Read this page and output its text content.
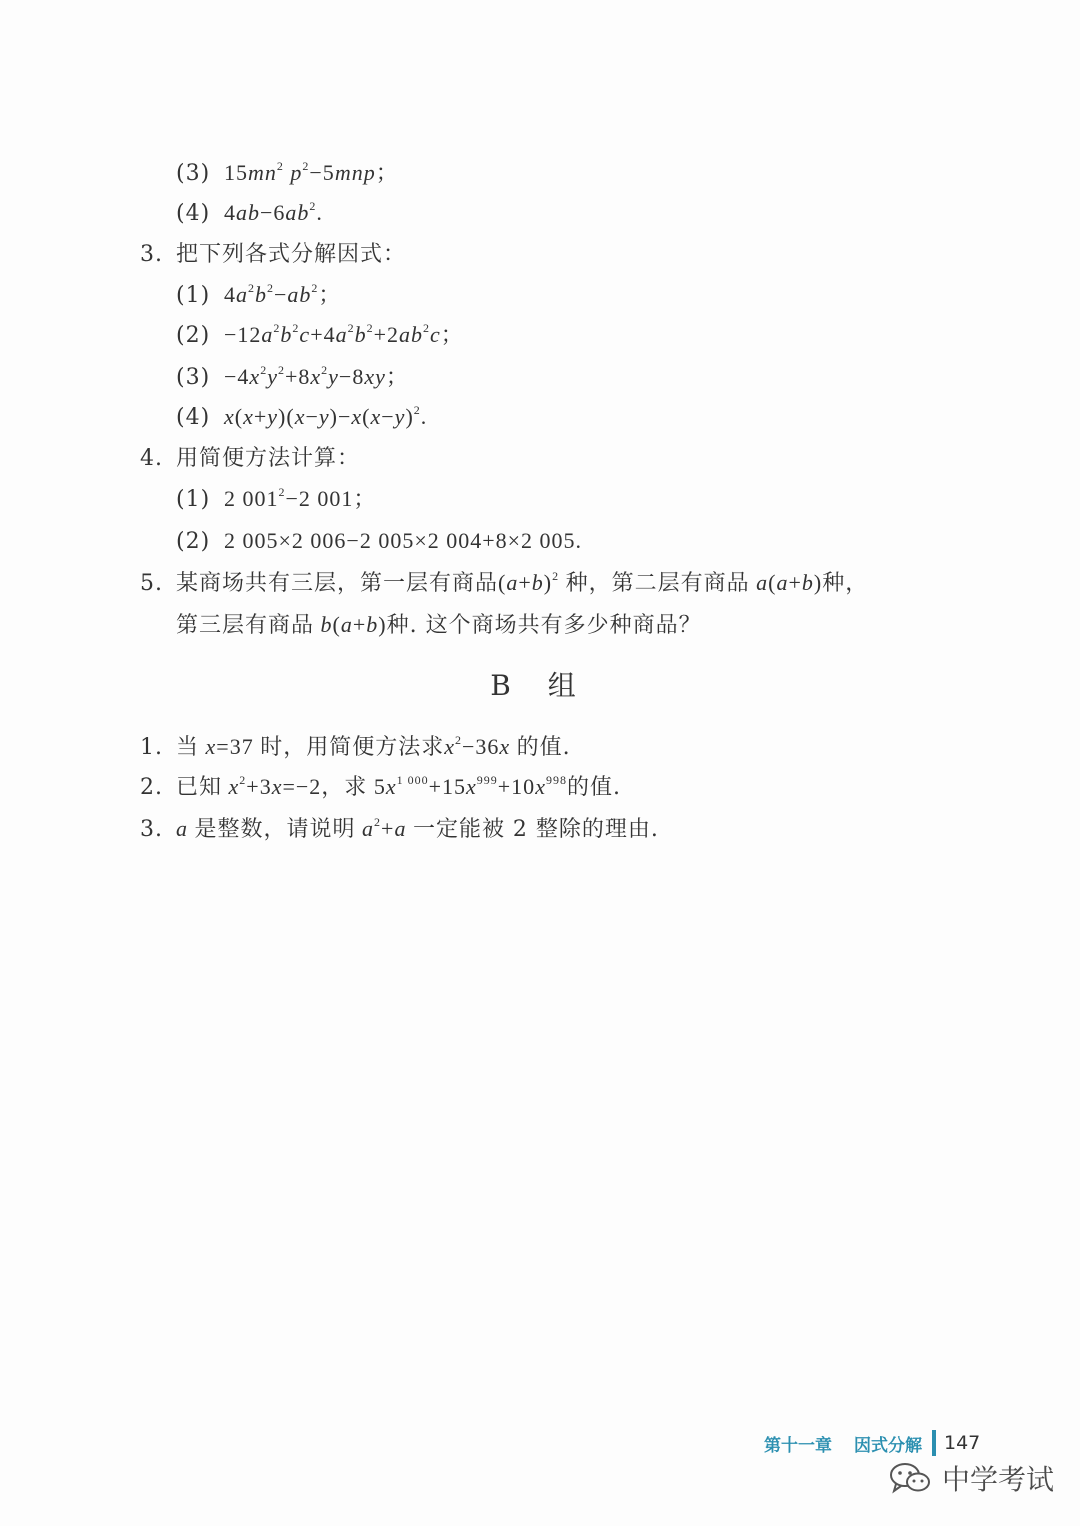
(3) $15mn^2$ $p^2-5mnp$；
(4) $4ab-6ab^2$.
3. 把下列各式分解因式：
(1) $4a^2b^2-ab^2$；
$(2) -12a^2b^2c+4a^2b^2+2ab^2c$；
$(3) -4x^2y^2+8x^2y-8xy$；
(4) $x(x+y)(x-y)-x(x-y)^2$.
4. 用简便方法计算：
(1) 2 $001^2-2$ 001；
(2) 2 005×2 006−2 005×2 004+8×2 005.
5. 某商场共有三层，第一层有商品$(a+b)^2$ 种，第二层有商品 a(a+b)种，
第三层有商品 b(a+b)种. 这个商场共有多少种商品？
B 组
1. 当 x=37 时，用简便方法求$x^2-36x$ 的值.
2. 已知 $x^2+3x=-2$，求 $5x^{1 000}+15x^{999}+10x^{998}$的值.
3. a 是整数，请说明 $a^2+a$ 一定能被 2 整除的理由.
第十一章 因式分解 147
中学考试
